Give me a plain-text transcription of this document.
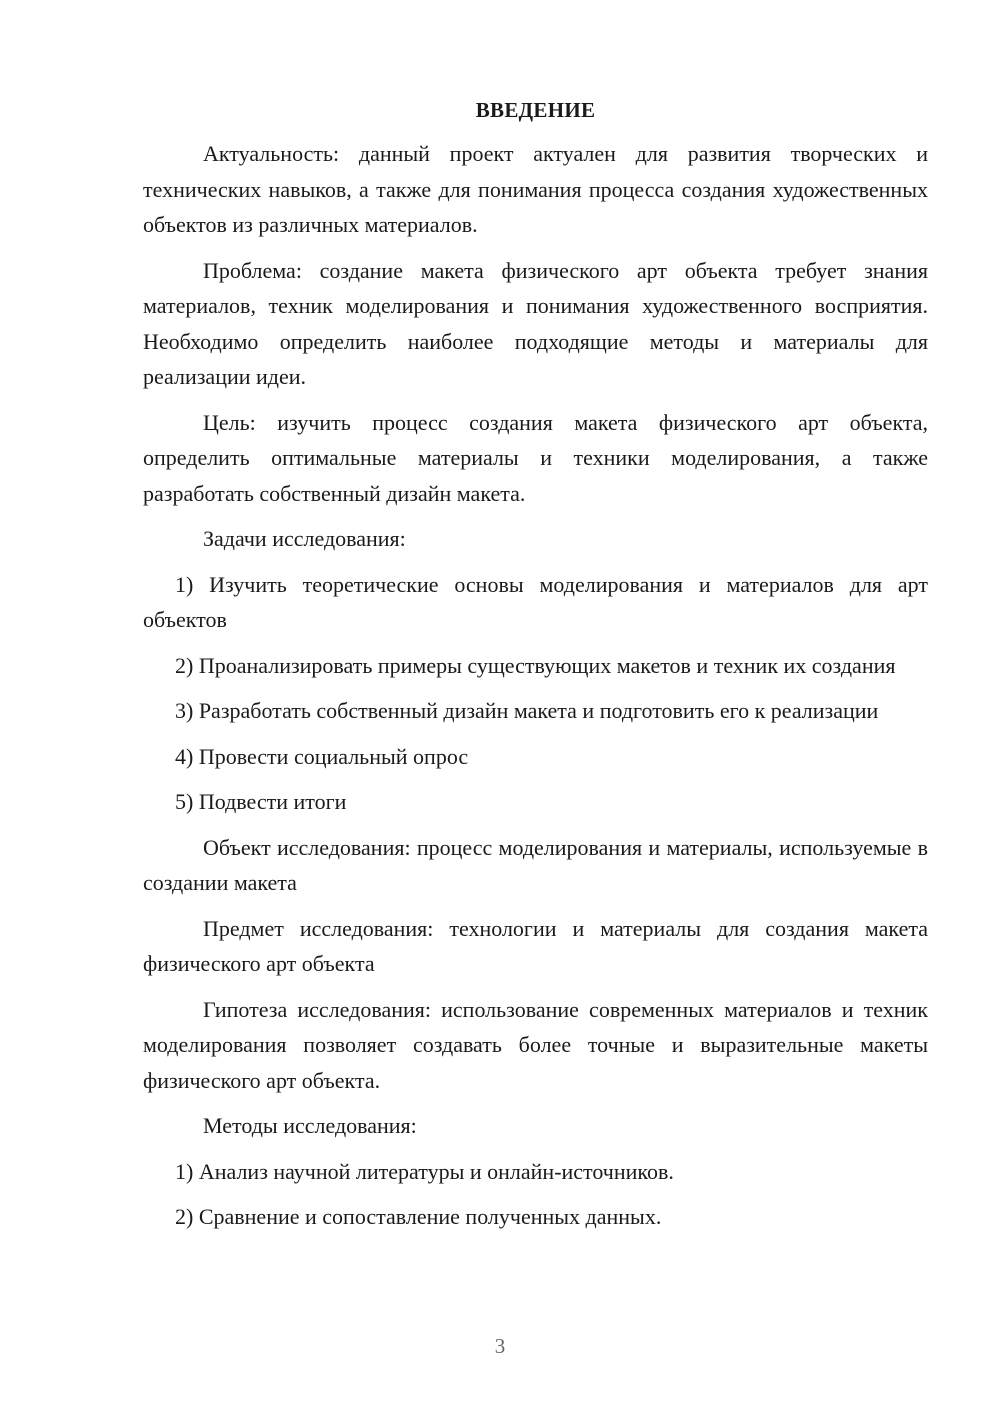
ВВЕДЕНИЕ
Актуальность: данный проект актуален для развития творческих и технических навыков, а также для понимания процесса создания художественных объектов из различных материалов.
Проблема: создание макета физического арт объекта требует знания материалов, техник моделирования и понимания художественного восприятия. Необходимо определить наиболее подходящие методы и материалы для реализации идеи.
Цель: изучить процесс создания макета физического арт объекта, определить оптимальные материалы и техники моделирования, а также разработать собственный дизайн макета.
Задачи исследования:
1) Изучить теоретические основы моделирования и материалов для арт объектов
2) Проанализировать примеры существующих макетов и техник их создания
3) Разработать собственный дизайн макета и подготовить его к реализации
4) Провести социальный опрос
5) Подвести итоги
Объект исследования: процесс моделирования и материалы, используемые в создании макета
Предмет исследования: технологии и материалы для создания макета физического арт объекта
Гипотеза исследования: использование современных материалов и техник моделирования позволяет создавать более точные и выразительные макеты физического арт объекта.
Методы исследования:
1) Анализ научной литературы и онлайн-источников.
2) Сравнение и сопоставление полученных данных.
3
